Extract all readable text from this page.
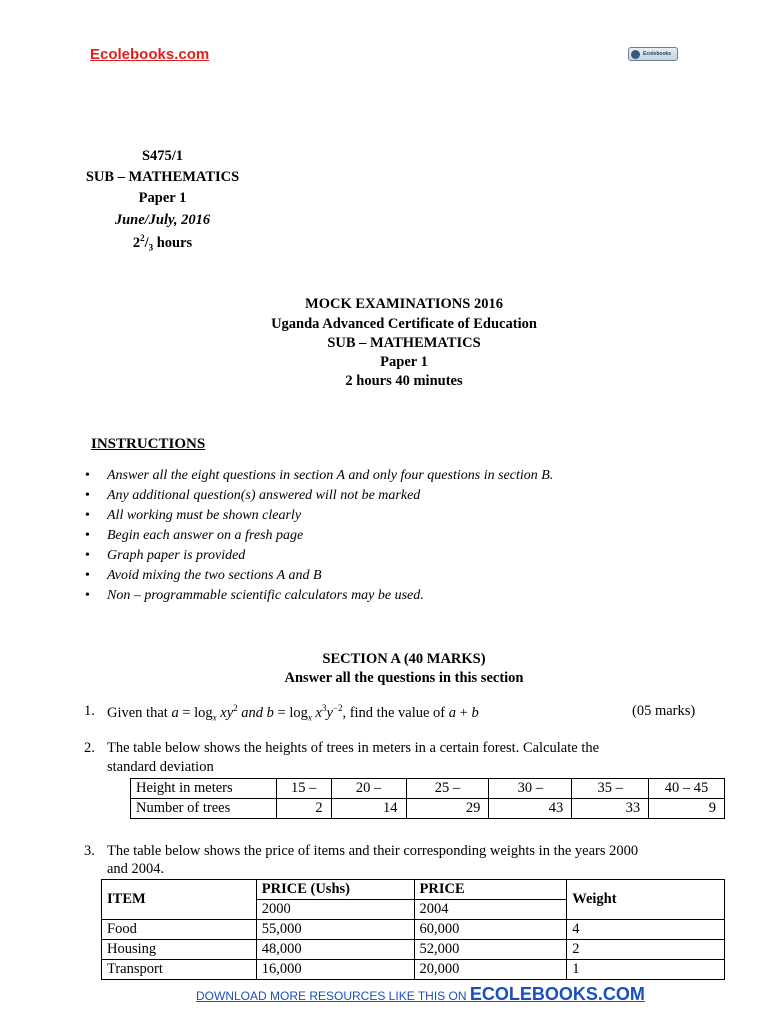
Ecolebooks.com	Ecolebooks
S475/1
SUB – MATHEMATICS
Paper 1
June/July, 2016
$2^2/_3$ hours
MOCK EXAMINATIONS 2016
Uganda Advanced Certificate of Education
SUB – MATHEMATICS
Paper 1
2 hours 40 minutes
INSTRUCTIONS
•	Answer all the eight questions in section A and only four questions in section B.
•	Any additional question(s) answered will not be marked
•	All working must be shown clearly
•	Begin each answer on a fresh page
•	Graph paper is provided
•	Avoid mixing the two sections A and B
•	Non – programmable scientific calculators may be used.
SECTION A (40 MARKS)
Answer all the questions in this section
1. Given that $a = \log_x xy^2$ and $b = \log_x x^3y^{-2}$, find the value of a + b	(05 marks)
2. The table below shows the heights of trees in meters in a certain forest. Calculate the
standard deviation
Height in meters	15 –	20 –	25 –	30 –	35 –	40 – 45
Number of trees	2	14	29	43	33	9
3. The table below shows the price of items and their corresponding weights in the years 2000
and 2004.
ITEM	PRICE (Ushs)	PRICE	Weight
	2000	2004	
Food	55,000	60,000	4
Housing	48,000	52,000	2
Transport	16,000	20,000	1
DOWNLOAD MORE RESOURCES LIKE THIS ON ECOLEBOOKS.COM
